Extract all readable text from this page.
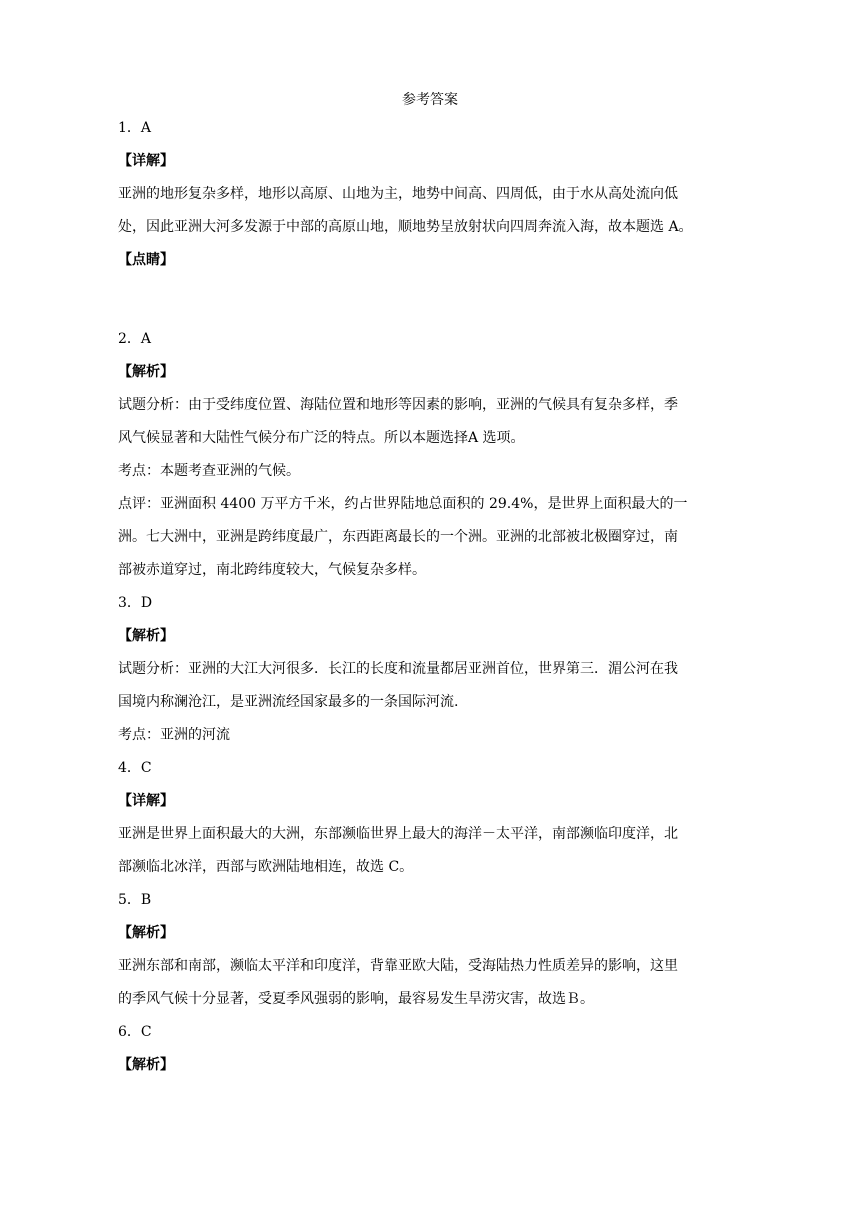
参考答案
1．A
【详解】
亚洲的地形复杂多样，地形以高原、山地为主，地势中间高、四周低，由于水从高处流向低
处，因此亚洲大河多发源于中部的高原山地，顺地势呈放射状向四周奔流入海，故本题选 A。
【点睛】
2．A
【解析】
试题分析：由于受纬度位置、海陆位置和地形等因素的影响，亚洲的气候具有复杂多样，季
风气候显著和大陆性气候分布广泛的特点。所以本题选择A 选项。
考点：本题考查亚洲的气候。
点评：亚洲面积 4400 万平方千米，约占世界陆地总面积的 29.4%，是世界上面积最大的一
洲。七大洲中，亚洲是跨纬度最广，东西距离最长的一个洲。亚洲的北部被北极圈穿过，南
部被赤道穿过，南北跨纬度较大，气候复杂多样。
3．D
【解析】
试题分析：亚洲的大江大河很多．长江的长度和流量都居亚洲首位，世界第三．湄公河在我
国境内称澜沧江，是亚洲流经国家最多的一条国际河流.
考点：亚洲的河流
4．C
【详解】
亚洲是世界上面积最大的大洲，东部濒临世界上最大的海洋－太平洋，南部濒临印度洋，北
部濒临北冰洋，西部与欧洲陆地相连，故选 C。
5．B
【解析】
亚洲东部和南部，濒临太平洋和印度洋，背靠亚欧大陆，受海陆热力性质差异的影响，这里
的季风气候十分显著，受夏季风强弱的影响，最容易发生旱涝灾害，故选Ｂ。
6．C
【解析】
